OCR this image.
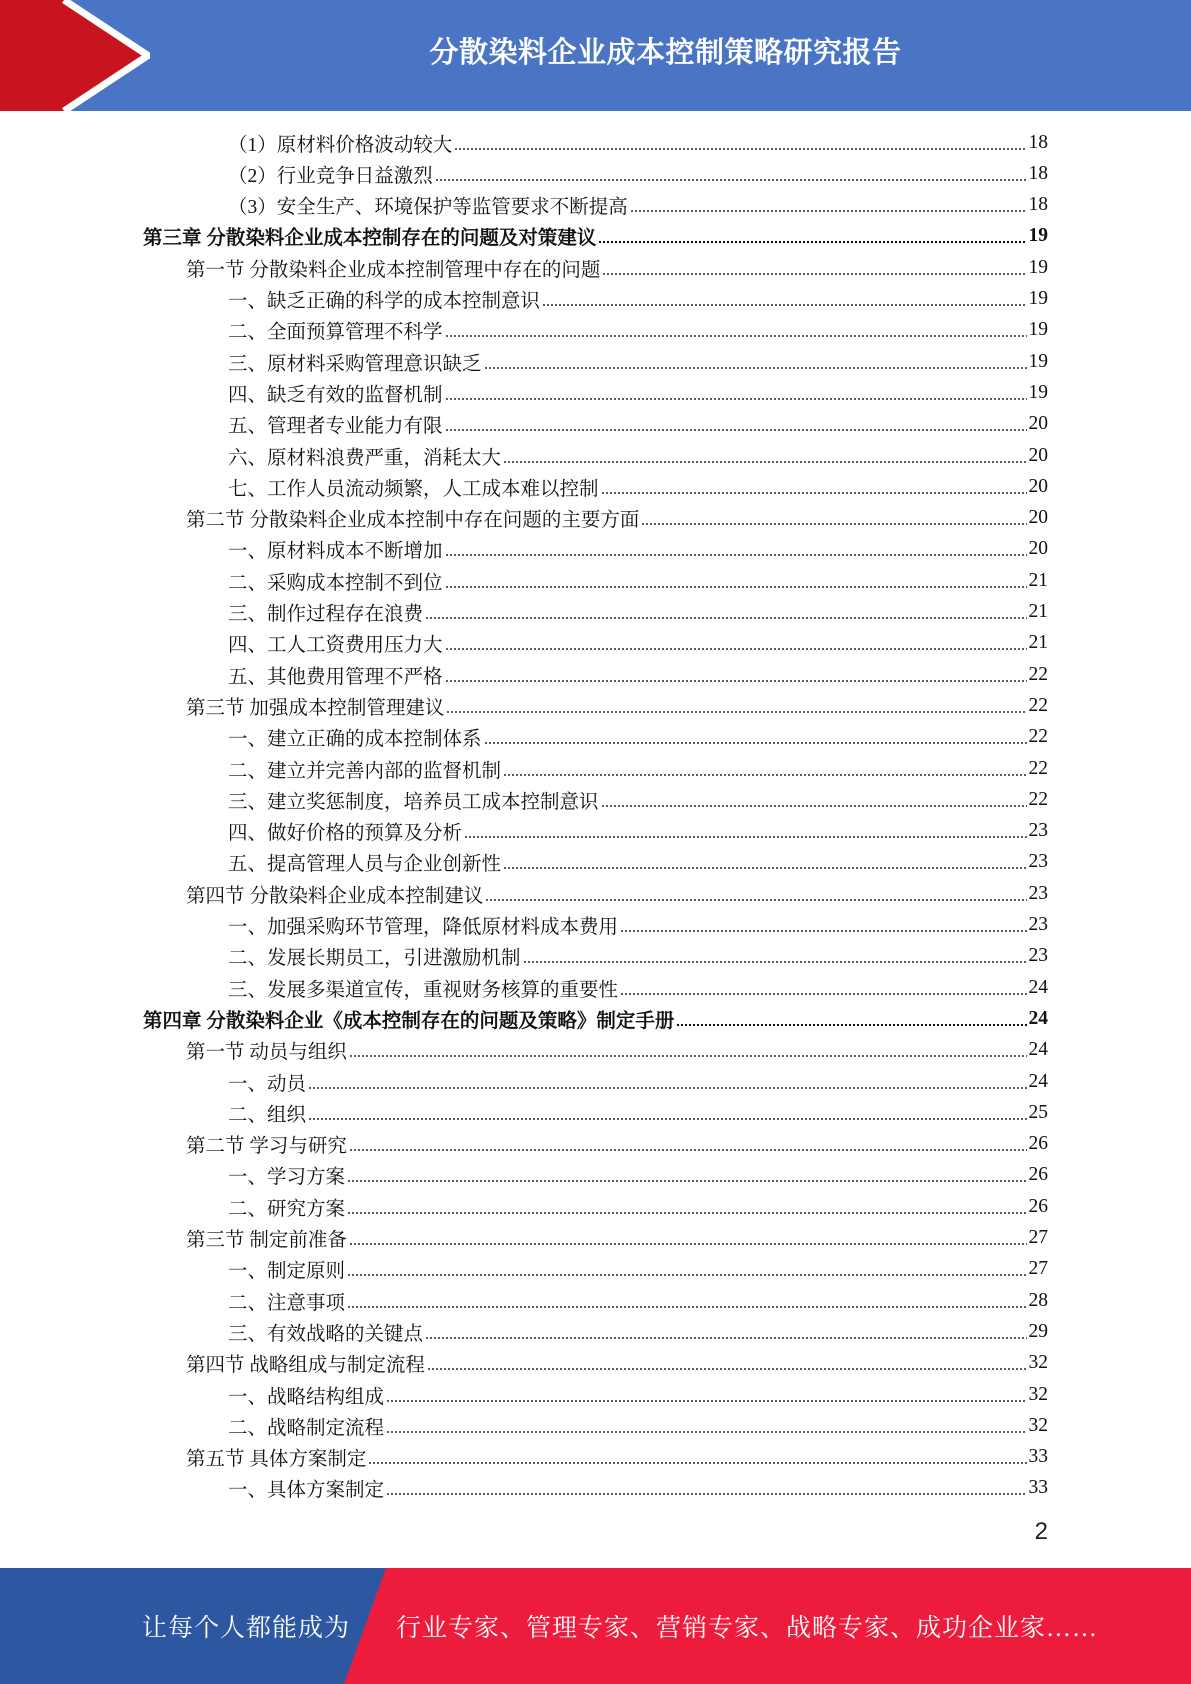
分散染料企业成本控制策略研究报告
（1）原材料价格波动较大	18
（2）行业竞争日益激烈	18
（3）安全生产、环境保护等监管要求不断提高	18
第三章 分散染料企业成本控制存在的问题及对策建议	19
第一节 分散染料企业成本控制管理中存在的问题	19
一、缺乏正确的科学的成本控制意识	19
二、全面预算管理不科学	19
三、原材料采购管理意识缺乏	19
四、缺乏有效的监督机制	19
五、管理者专业能力有限	20
六、原材料浪费严重，消耗太大	20
七、工作人员流动频繁，人工成本难以控制	20
第二节 分散染料企业成本控制中存在问题的主要方面	20
一、原材料成本不断增加	20
二、采购成本控制不到位	21
三、制作过程存在浪费	21
四、工人工资费用压力大	21
五、其他费用管理不严格	22
第三节 加强成本控制管理建议	22
一、建立正确的成本控制体系	22
二、建立并完善内部的监督机制	22
三、建立奖惩制度，培养员工成本控制意识	22
四、做好价格的预算及分析	23
五、提高管理人员与企业创新性	23
第四节 分散染料企业成本控制建议	23
一、加强采购环节管理，降低原材料成本费用	23
二、发展长期员工，引进激励机制	23
三、发展多渠道宣传，重视财务核算的重要性	24
第四章 分散染料企业《成本控制存在的问题及策略》制定手册	24
第一节 动员与组织	24
一、动员	24
二、组织	25
第二节 学习与研究	26
一、学习方案	26
二、研究方案	26
第三节 制定前准备	27
一、制定原则	27
二、注意事项	28
三、有效战略的关键点	29
第四节 战略组成与制定流程	32
一、战略结构组成	32
二、战略制定流程	32
第五节 具体方案制定	33
一、具体方案制定	33
2
让每个人都能成为 行业专家、管理专家、营销专家、战略专家、成功企业家……
